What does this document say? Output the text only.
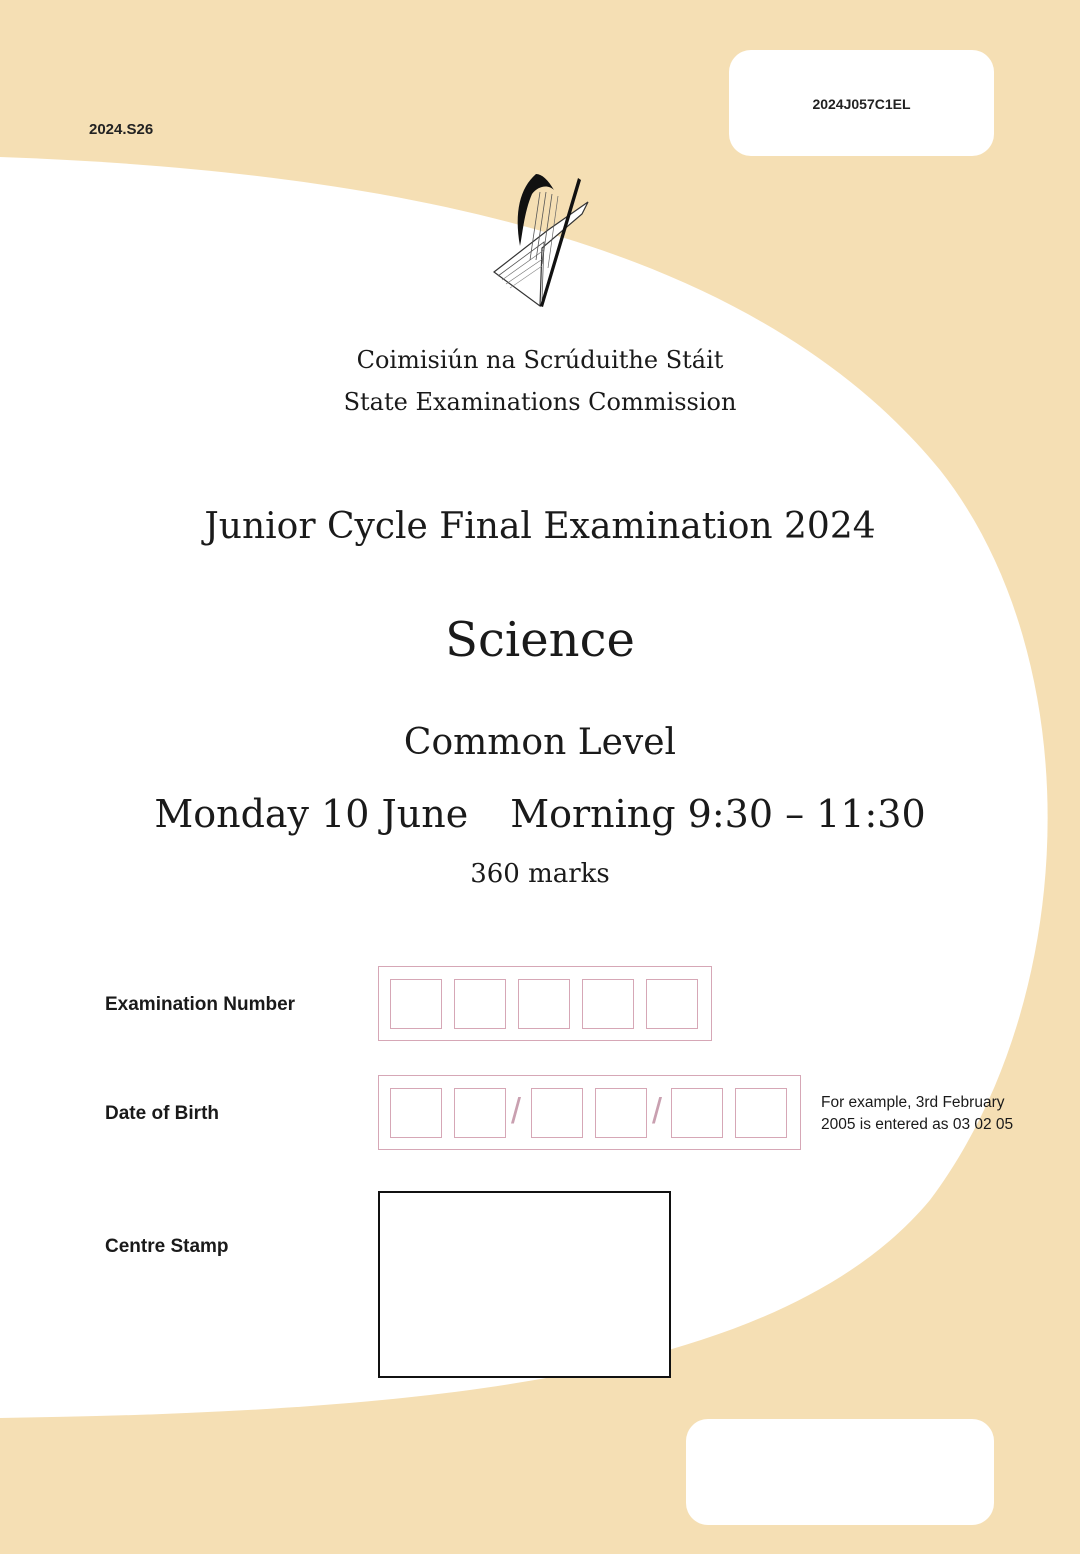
2024.S26
2024J057C1EL
Coimisiún na Scrúduithe Stáit
State Examinations Commission
Junior Cycle Final Examination 2024
Science
Common Level
Monday 10 June Morning 9:30 – 11:30
360 marks
Examination Number
Date of Birth	/	/	For example, 3rd February
2005 is entered as 03 02 05
Centre Stamp
